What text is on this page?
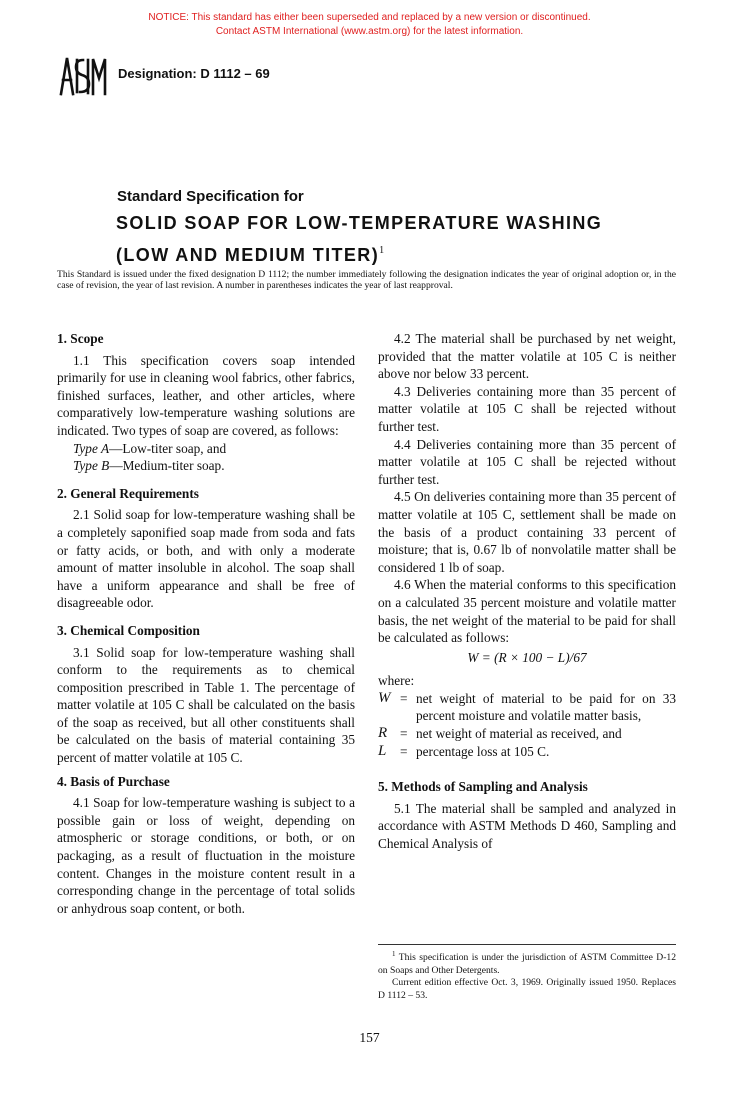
NOTICE: This standard has either been superseded and replaced by a new version or discontinued.
Contact ASTM International (www.astm.org) for the latest information.
Designation: D 1112 – 69
Standard Specification for
SOLID SOAP FOR LOW-TEMPERATURE WASHING
(LOW AND MEDIUM TITER)$^1$
This Standard is issued under the fixed designation D 1112; the number immediately following the designation indicates the year of original adoption or, in the case of revision, the year of last revision. A number in parentheses indicates the year of last reapproval.
1. Scope

1.1 This specification covers soap intended primarily for use in cleaning wool fabrics, other fabrics, finished surfaces, leather, and other articles, where comparatively low-temperature washing solutions are indicated. Two types of soap are covered, as follows:

Type A—Low-titer soap, and
Type B—Medium-titer soap.
2. General Requirements

2.1 Solid soap for low-temperature washing shall be a completely saponified soap made from soda and fats or fatty acids, or both, and with only a moderate amount of matter insoluble in alcohol. The soap shall have a uniform appearance and shall be free of disagreeable odor.

3. Chemical Composition

3.1 Solid soap for low-temperature washing shall conform to the requirements as to chemical composition prescribed in Table 1. The percentage of matter volatile at 105 C shall be calculated on the basis of the soap as received, but all other constituents shall be calculated on the basis of material containing 35 percent of matter volatile at 105 C.

4. Basis of Purchase

4.1 Soap for low-temperature washing is subject to a possible gain or loss of weight, depending on atmospheric or storage conditions, or both, or on packaging, as a result of fluctuation in the moisture content. Changes in the moisture content result in a corresponding change in the percentage of total solids or anhydrous soap content, or both.

4.2 The material shall be purchased by net weight, provided that the matter volatile at 105 C is neither above nor below 33 percent.

4.3 Deliveries containing more than 35 percent of matter volatile at 105 C shall be rejected without further test.

4.4 Deliveries containing more than 35 percent of matter volatile at 105 C shall be rejected without further test.

4.5 On deliveries containing more than 35 percent of matter volatile at 105 C, settlement shall be made on the basis of a product containing 33 percent of moisture; that is, 0.67 lb of nonvolatile matter shall be considered 1 lb of soap.

4.6 When the material conforms to this specification on a calculated 35 percent moisture and volatile matter basis, the net weight of the material to be paid for shall be calculated as follows:

W = (R × 100 − L)/67
where:
W = net weight of material to be paid for on 33 percent moisture and volatile matter basis,
R = net weight of material as received, and
L	= percentage loss at 105 C.
5. Methods of Sampling and Analysis

5.1 The material shall be sampled and analyzed in accordance with ASTM Methods D 460, Sampling and Chemical Analysis of

$^1$ This specification is under the jurisdiction of ASTM Committee D-12 on Soaps and Other Detergents.

Current edition effective Oct. 3, 1969. Originally issued 1950. Replaces D 1112 – 53.

157
